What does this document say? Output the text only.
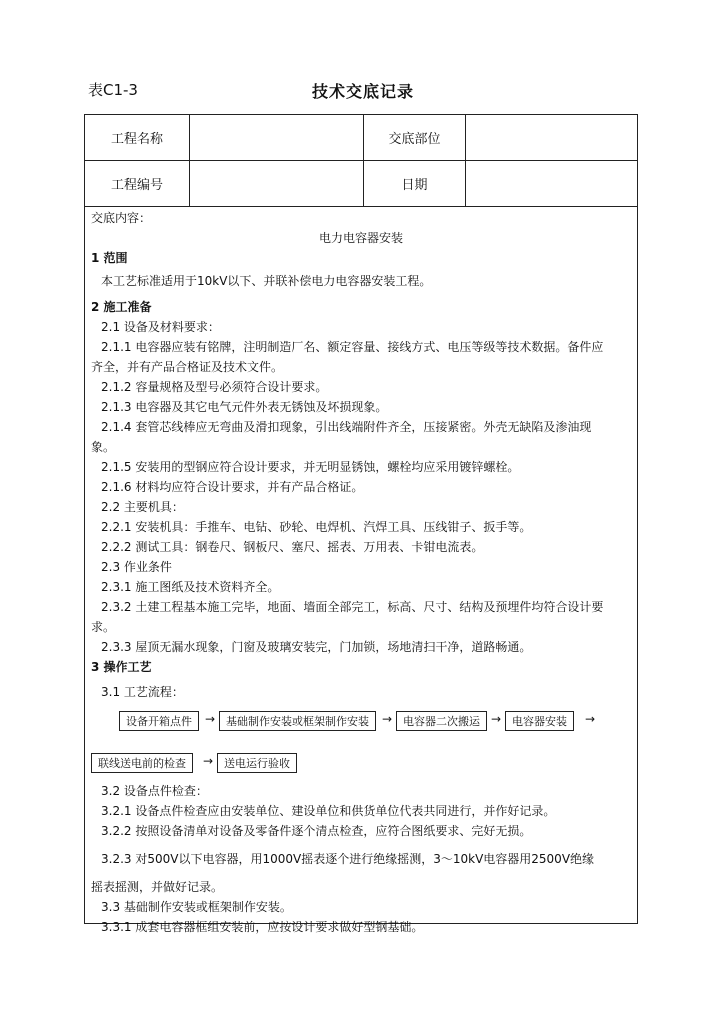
表C1-3	技术交底记录
工程名称	交底部位
工程编号	日期
交底内容：
电力电容器安装
1 范围
本工艺标准适用于10kV以下、并联补偿电力电容器安装工程。
2 施工准备
2.1 设备及材料要求：
2.1.1 电容器应装有铭牌，注明制造厂名、额定容量、接线方式、电压等级等技术数据。备件应
齐全，并有产品合格证及技术文件。
2.1.2 容量规格及型号必须符合设计要求。
2.1.3 电容器及其它电气元件外表无锈蚀及坏损现象。
2.1.4 套管芯线棒应无弯曲及滑扣现象，引出线端附件齐全，压接紧密。外壳无缺陷及渗油现
象。
2.1.5 安装用的型钢应符合设计要求，并无明显锈蚀，螺栓均应采用镀锌螺栓。
2.1.6 材料均应符合设计要求，并有产品合格证。
2.2 主要机具：
2.2.1 安装机具：手推车、电钻、砂轮、电焊机、汽焊工具、压线钳子、扳手等。
2.2.2 测试工具：钢卷尺、钢板尺、塞尺、摇表、万用表、卡钳电流表。
2.3 作业条件
2.3.1 施工图纸及技术资料齐全。
2.3.2 土建工程基本施工完毕，地面、墙面全部完工，标高、尺寸、结构及预埋件均符合设计要
求。
2.3.3 屋顶无漏水现象，门窗及玻璃安装完，门加锁，场地清扫干净，道路畅通。
3 操作工艺
3.1 工艺流程：
设备开箱点件	→ 基础制作安装或框架制作安装	→ 电容器二次搬运 → 电容器安装	→
联线送电前的检查	→ 送电运行验收
3.2 设备点件检查：
3.2.1 设备点件检查应由安装单位、建设单位和供货单位代表共同进行，并作好记录。
3.2.2 按照设备清单对设备及零备件逐个清点检查，应符合图纸要求、完好无损。
3.2.3 对500V以下电容器，用1000V摇表逐个进行绝缘摇测，3～10kV电容器用2500V绝缘
摇表摇测，并做好记录。
3.3 基础制作安装或框架制作安装。
3.3.1 成套电容器框组安装前，应按设计要求做好型钢基础。
